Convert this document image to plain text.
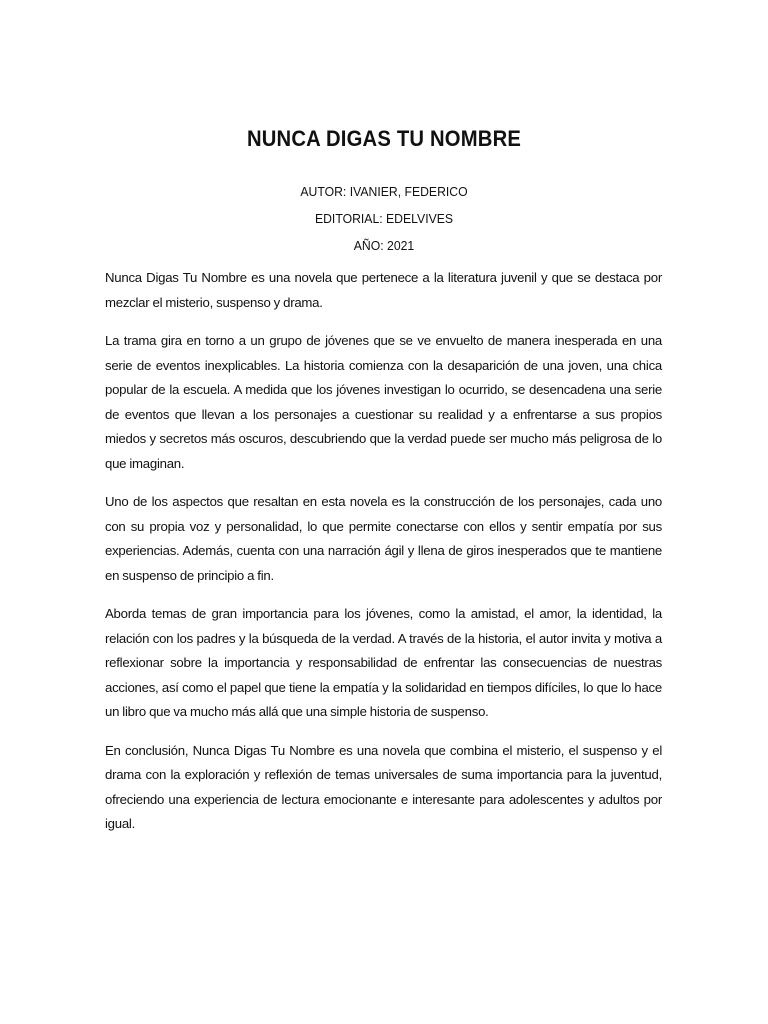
NUNCA DIGAS TU NOMBRE
AUTOR: IVANIER, FEDERICO
EDITORIAL: EDELVIVES
AÑO: 2021

Nunca Digas Tu Nombre es una novela que pertenece a la literatura juvenil y que se destaca por mezclar el misterio, suspenso y drama.

La trama gira en torno a un grupo de jóvenes que se ve envuelto de manera inesperada en una serie de eventos inexplicables. La historia comienza con la desaparición de una joven, una chica popular de la escuela. A medida que los jóvenes investigan lo ocurrido, se desencadena una serie de eventos que llevan a los personajes a cuestionar su realidad y a enfrentarse a sus propios miedos y secretos más oscuros, descubriendo que la verdad puede ser mucho más peligrosa de lo que imaginan.

Uno de los aspectos que resaltan en esta novela es la construcción de los personajes, cada uno con su propia voz y personalidad, lo que permite conectarse con ellos y sentir empatía por sus experiencias. Además, cuenta con una narración ágil y llena de giros inesperados que te mantiene en suspenso de principio a fin.

Aborda temas de gran importancia para los jóvenes, como la amistad, el amor, la identidad, la relación con los padres y la búsqueda de la verdad. A través de la historia, el autor invita y motiva a reflexionar sobre la importancia y responsabilidad de enfrentar las consecuencias de nuestras acciones, así como el papel que tiene la empatía y la solidaridad en tiempos difíciles, lo que lo hace un libro que va mucho más allá que una simple historia de suspenso.

En conclusión, Nunca Digas Tu Nombre es una novela que combina el misterio, el suspenso y el drama con la exploración y reflexión de temas universales de suma importancia para la juventud, ofreciendo una experiencia de lectura emocionante e interesante para adolescentes y adultos por igual.
